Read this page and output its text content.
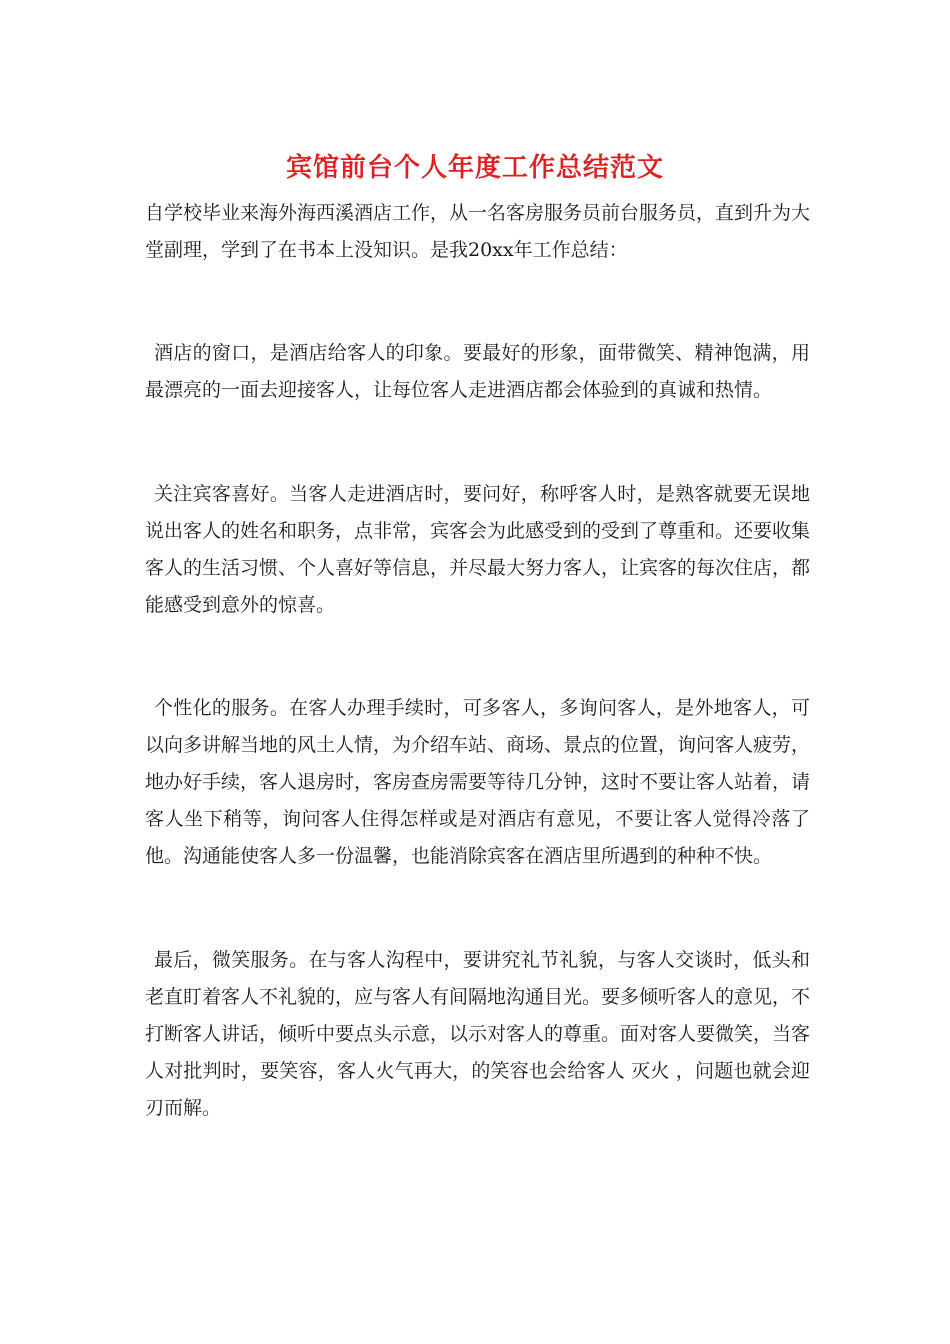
宾馆前台个人年度工作总结范文
自学校毕业来海外海西溪酒店工作，从一名客房服务员前台服务员，直到升为大堂副理，学到了在书本上没知识。是我20xx年工作总结：
酒店的窗口，是酒店给客人的印象。要最好的形象，面带微笑、精神饱满，用最漂亮的一面去迎接客人，让每位客人走进酒店都会体验到的真诚和热情。
关注宾客喜好。当客人走进酒店时，要问好，称呼客人时，是熟客就要无误地说出客人的姓名和职务，点非常，宾客会为此感受到的受到了尊重和。还要收集客人的生活习惯、个人喜好等信息，并尽最大努力客人，让宾客的每次住店，都能感受到意外的惊喜。
个性化的服务。在客人办理手续时，可多客人，多询问客人，是外地客人，可以向多讲解当地的风土人情，为介绍车站、商场、景点的位置，询问客人疲劳，地办好手续，客人退房时，客房查房需要等待几分钟，这时不要让客人站着，请客人坐下稍等，询问客人住得怎样或是对酒店有意见，不要让客人觉得冷落了他。沟通能使客人多一份温馨，也能消除宾客在酒店里所遇到的种种不快。
最后，微笑服务。在与客人沟程中，要讲究礼节礼貌，与客人交谈时，低头和老直盯着客人不礼貌的，应与客人有间隔地沟通目光。要多倾听客人的意见，不打断客人讲话，倾听中要点头示意，以示对客人的尊重。面对客人要微笑，当客人对批判时，要笑容，客人火气再大，的笑容也会给客人 灭火 ，问题也就会迎刃而解。
